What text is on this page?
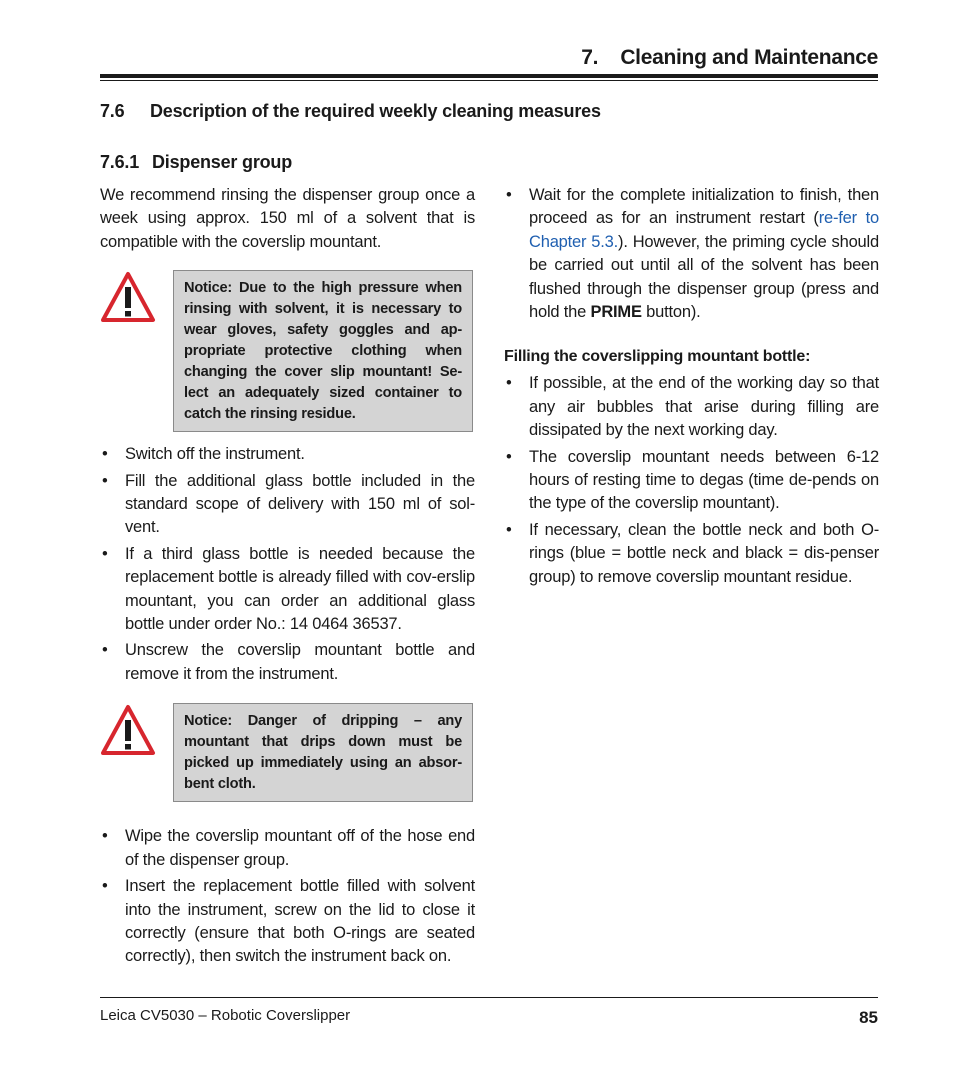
7.    Cleaning and Maintenance
7.6 Description of the required weekly cleaning measures
7.6.1 Dispenser group

We recommend rinsing the dispenser group once a week using approx. 150 ml of a solvent that is compatible with the coverslip mountant.

Notice: Due to the high pressure when rinsing with solvent, it is necessary to wear gloves, safety goggles and ap-propriate protective clothing when changing the cover slip mountant! Se-lect an adequately sized container to catch the rinsing residue.

• Switch off the instrument.
• Fill the additional glass bottle included in the standard scope of delivery with 150 ml of sol-vent.
• If a third glass bottle is needed because the replacement bottle is already filled with cov-erslip mountant, you can order an additional glass bottle under order No.: 14 0464 36537.
• Unscrew the coverslip mountant bottle and remove it from the instrument.

Notice: Danger of dripping – any mountant that drips down must be picked up immediately using an absor-bent cloth.

• Wipe the coverslip mountant off of the hose end of the dispenser group.
• Insert the replacement bottle filled with solvent into the instrument, screw on the lid to close it correctly (ensure that both O-rings are seated correctly), then switch the instrument back on.
• Wait for the complete initialization to finish, then proceed as for an instrument restart (re-fer to Chapter 5.3.). However, the priming cycle should be carried out until all of the solvent has been flushed through the dispenser group (press and hold the PRIME button).
Filling the coverslipping mountant bottle:
• If possible, at the end of the working day so that any air bubbles that arise during filling are dissipated by the next working day.
• The coverslip mountant needs between 6-12 hours of resting time to degas (time de-pends on the type of the coverslip mountant).
• If necessary, clean the bottle neck and both O-rings (blue = bottle neck and black = dis-penser group) to remove coverslip mountant residue.
Leica CV5030 – Robotic Coverslipper	85
